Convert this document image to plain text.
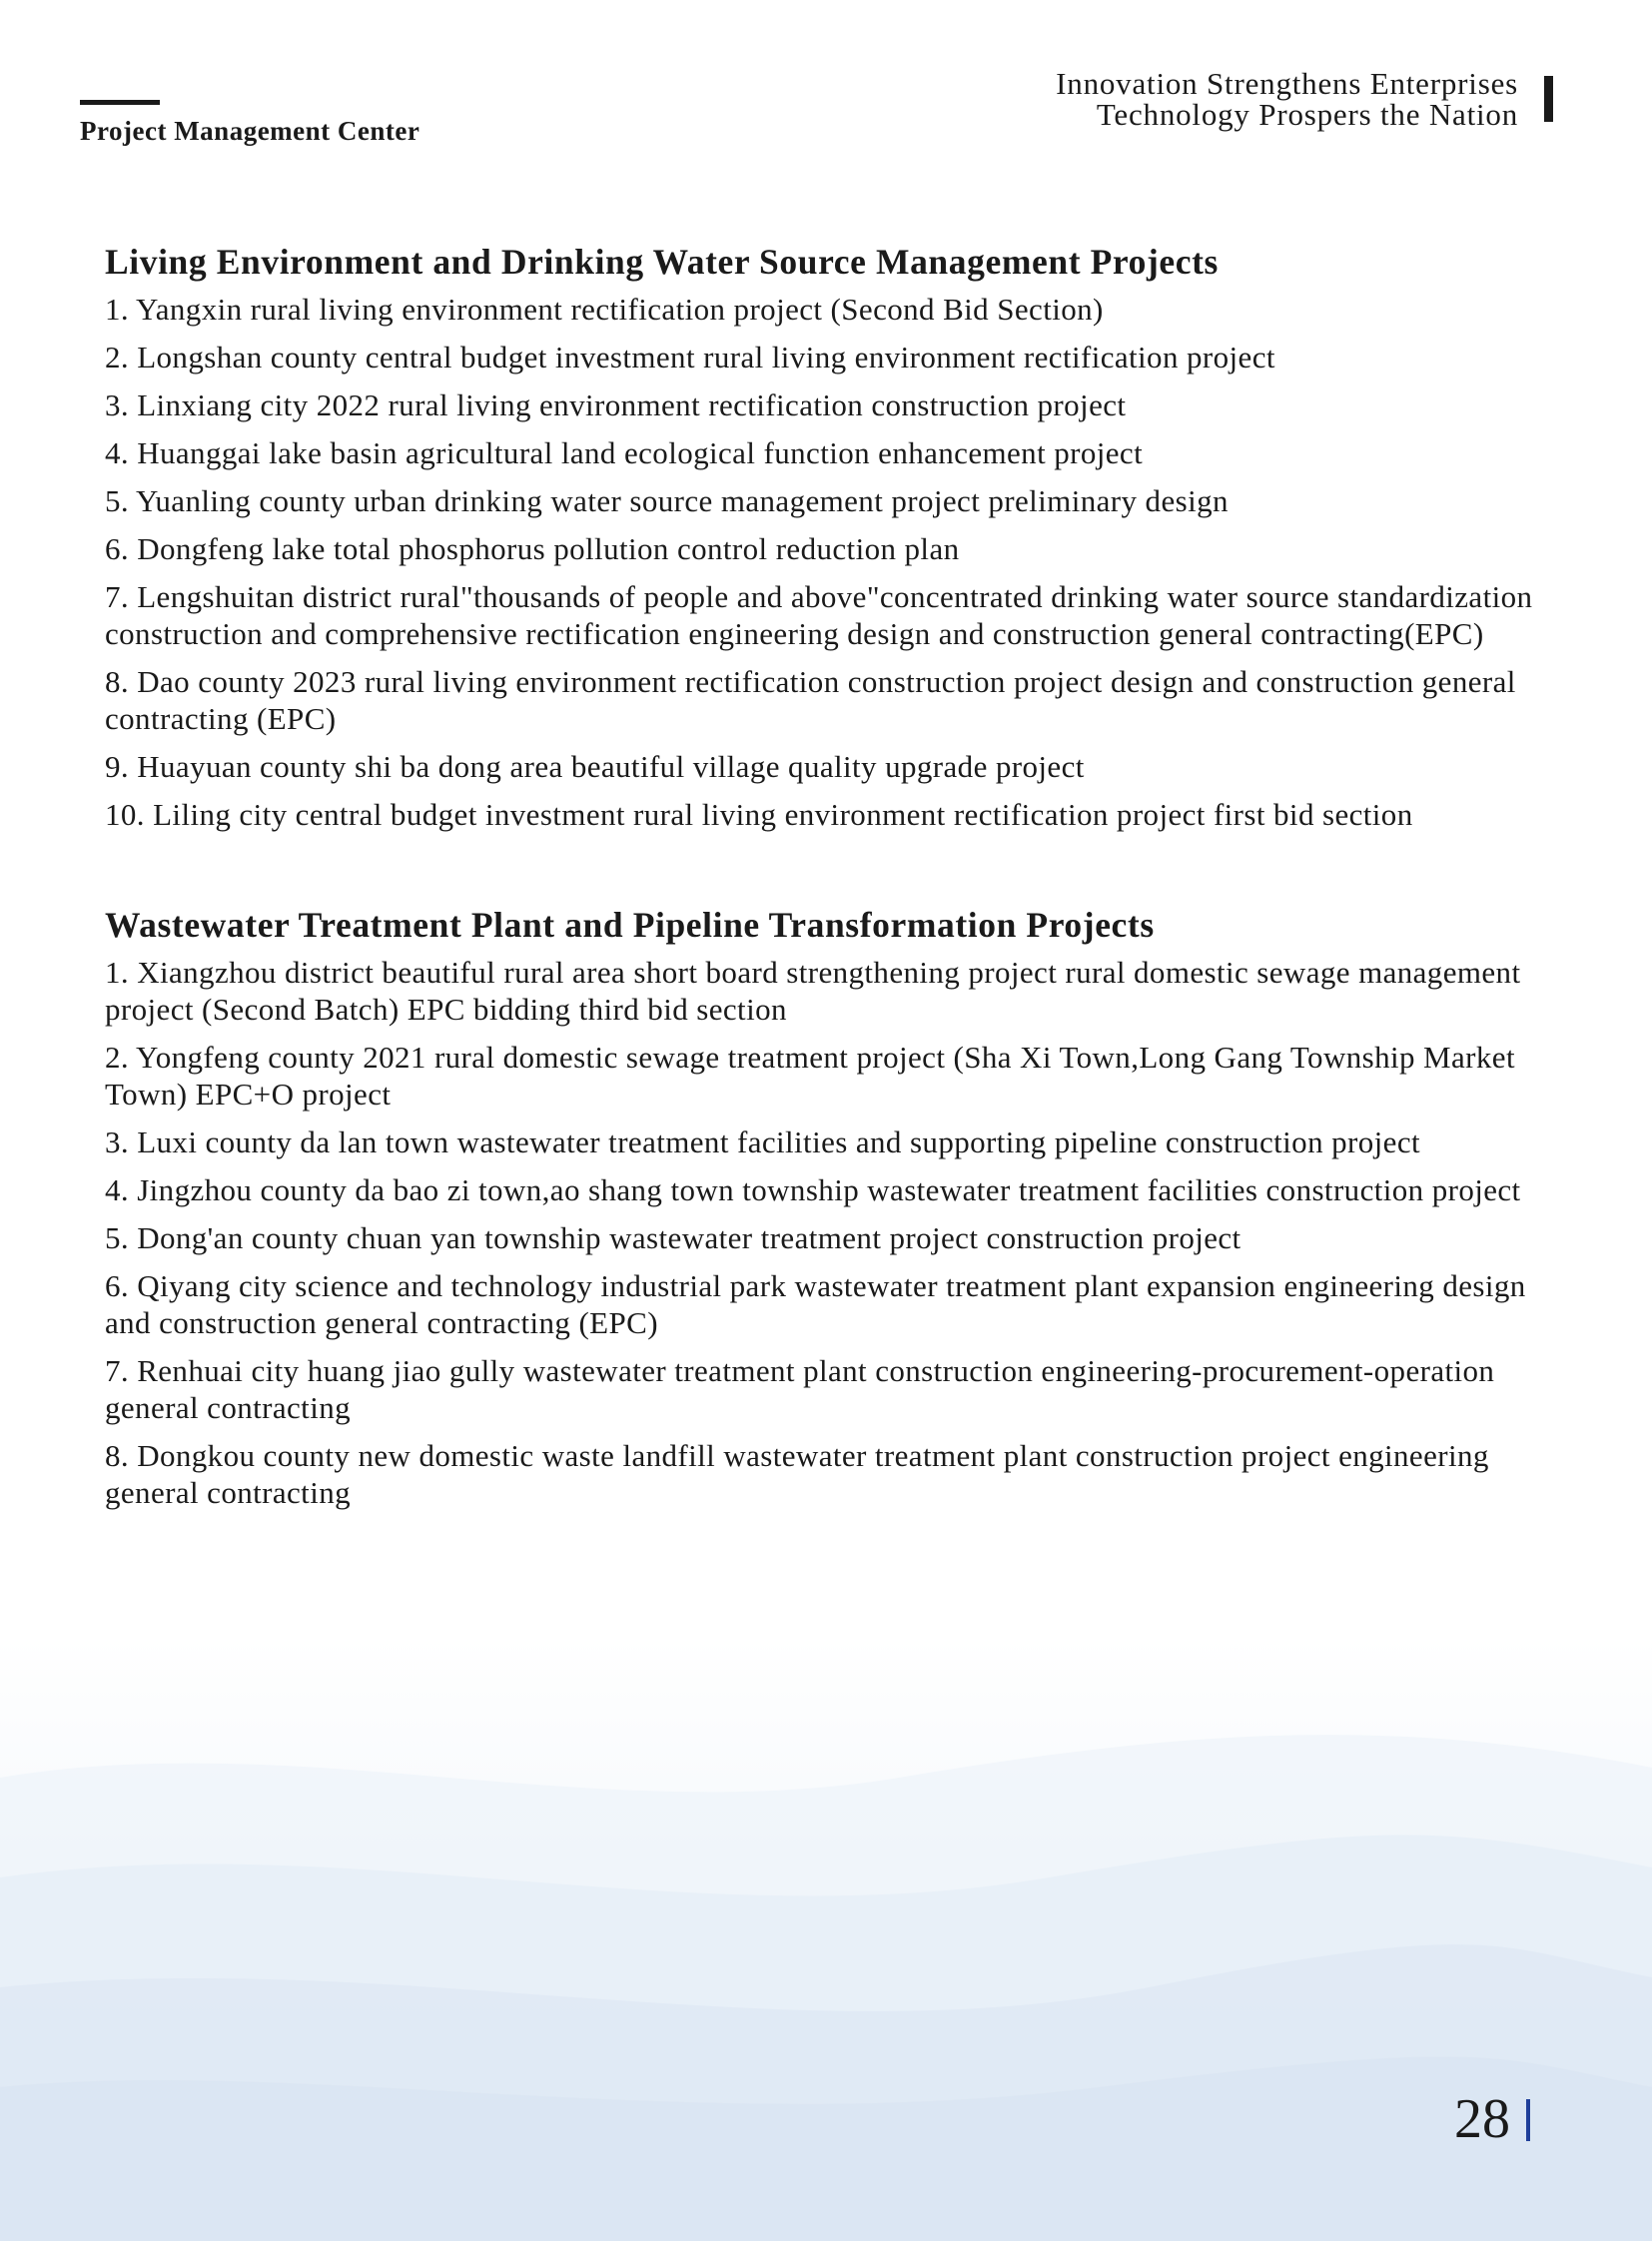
Project Management Center
Innovation Strengthens Enterprises
Technology Prospers the Nation
Living Environment and Drinking Water Source Management Projects
1. Yangxin rural living environment rectification project (Second Bid Section)
2. Longshan county central budget investment rural living environment rectification project
3. Linxiang city 2022 rural living environment rectification construction project
4. Huanggai lake basin agricultural land ecological function enhancement project
5. Yuanling county urban drinking water source management project preliminary design
6. Dongfeng lake total phosphorus pollution control reduction plan
7. Lengshuitan district rural"thousands of people and above"concentrated drinking water source standardization construction and comprehensive rectification engineering design and construction general contracting(EPC)
8. Dao county 2023 rural living environment rectification construction project design and construction general contracting (EPC)
9. Huayuan county shi ba dong area beautiful village quality upgrade project
10. Liling city central budget investment rural living environment rectification project first bid section
Wastewater Treatment Plant and Pipeline Transformation Projects
1. Xiangzhou district beautiful rural area short board strengthening project rural domestic sewage management project (Second Batch) EPC bidding third bid section
2. Yongfeng county 2021 rural domestic sewage treatment project (Sha Xi Town,Long Gang Township Market Town) EPC+O project
3. Luxi county da lan town wastewater treatment facilities and supporting pipeline construction project
4. Jingzhou county da bao zi town,ao shang town township wastewater treatment facilities construction project
5. Dong'an county chuan yan township wastewater treatment project construction project
6. Qiyang city science and technology industrial park wastewater treatment plant expansion engineering design and construction general contracting (EPC)
7. Renhuai city huang jiao gully wastewater treatment plant construction engineering-procurement-operation general contracting
8. Dongkou county new domestic waste landfill wastewater treatment plant construction project engineering general contracting
28
